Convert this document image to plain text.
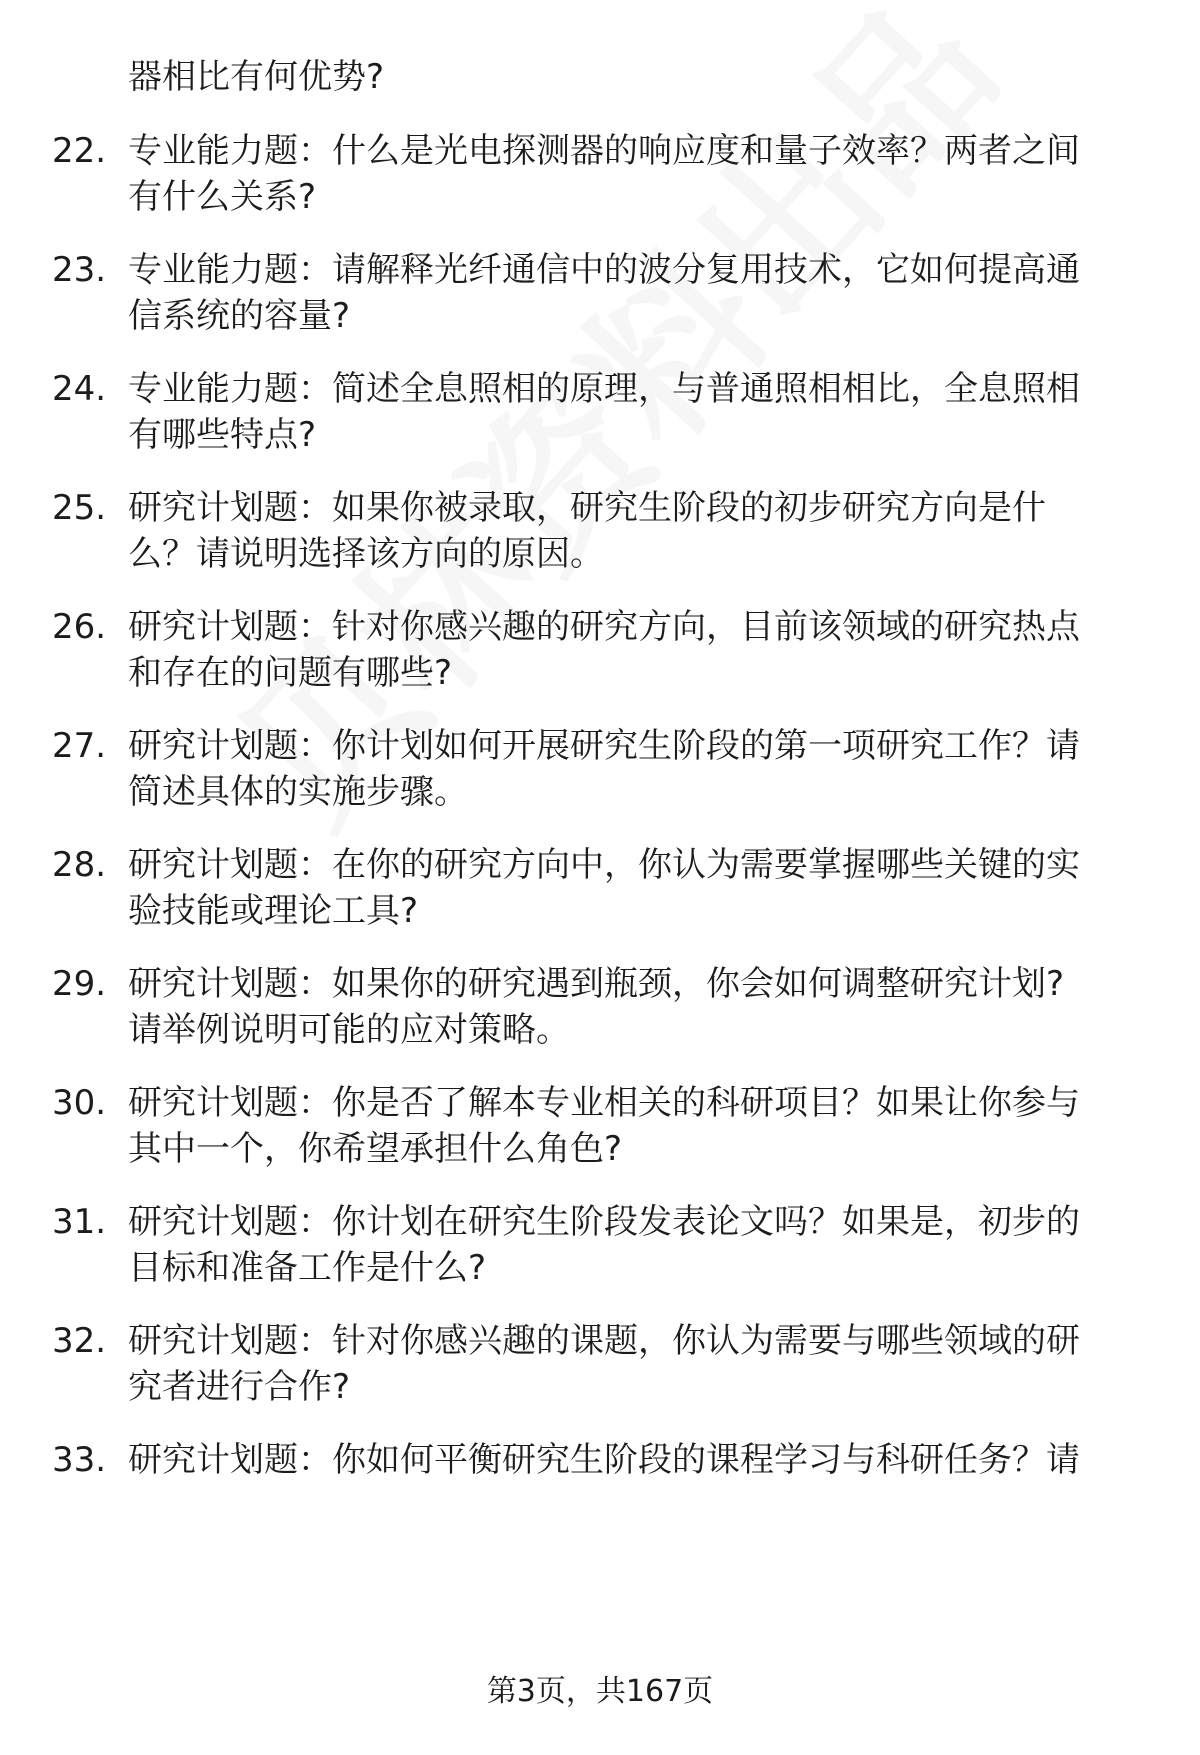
器相比有何优势?
22. 专业能力题：什么是光电探测器的响应度和量子效率？两者之间
有什么关系?
23. 专业能力题：请解释光纤通信中的波分复用技术，它如何提高通
信系统的容量?
24. 专业能力题：简述全息照相的原理，与普通照相相比，全息照相
有哪些特点?
25. 研究计划题：如果你被录取，研究生阶段的初步研究方向是什
么？请说明选择该方向的原因。
26. 研究计划题：针对你感兴趣的研究方向，目前该领域的研究热点
和存在的问题有哪些?
27. 研究计划题：你计划如何开展研究生阶段的第一项研究工作？请
简述具体的实施步骤。
28. 研究计划题：在你的研究方向中，你认为需要掌握哪些关键的实
验技能或理论工具?
29. 研究计划题：如果你的研究遇到瓶颈，你会如何调整研究计划?
请举例说明可能的应对策略。
30. 研究计划题：你是否了解本专业相关的科研项目？如果让你参与
其中一个，你希望承担什么角色?
31. 研究计划题：你计划在研究生阶段发表论文吗？如果是，初步的
目标和准备工作是什么?
32. 研究计划题：针对你感兴趣的课题，你认为需要与哪些领域的研
究者进行合作?
33. 研究计划题：你如何平衡研究生阶段的课程学习与科研任务？请
第3页，共167页
